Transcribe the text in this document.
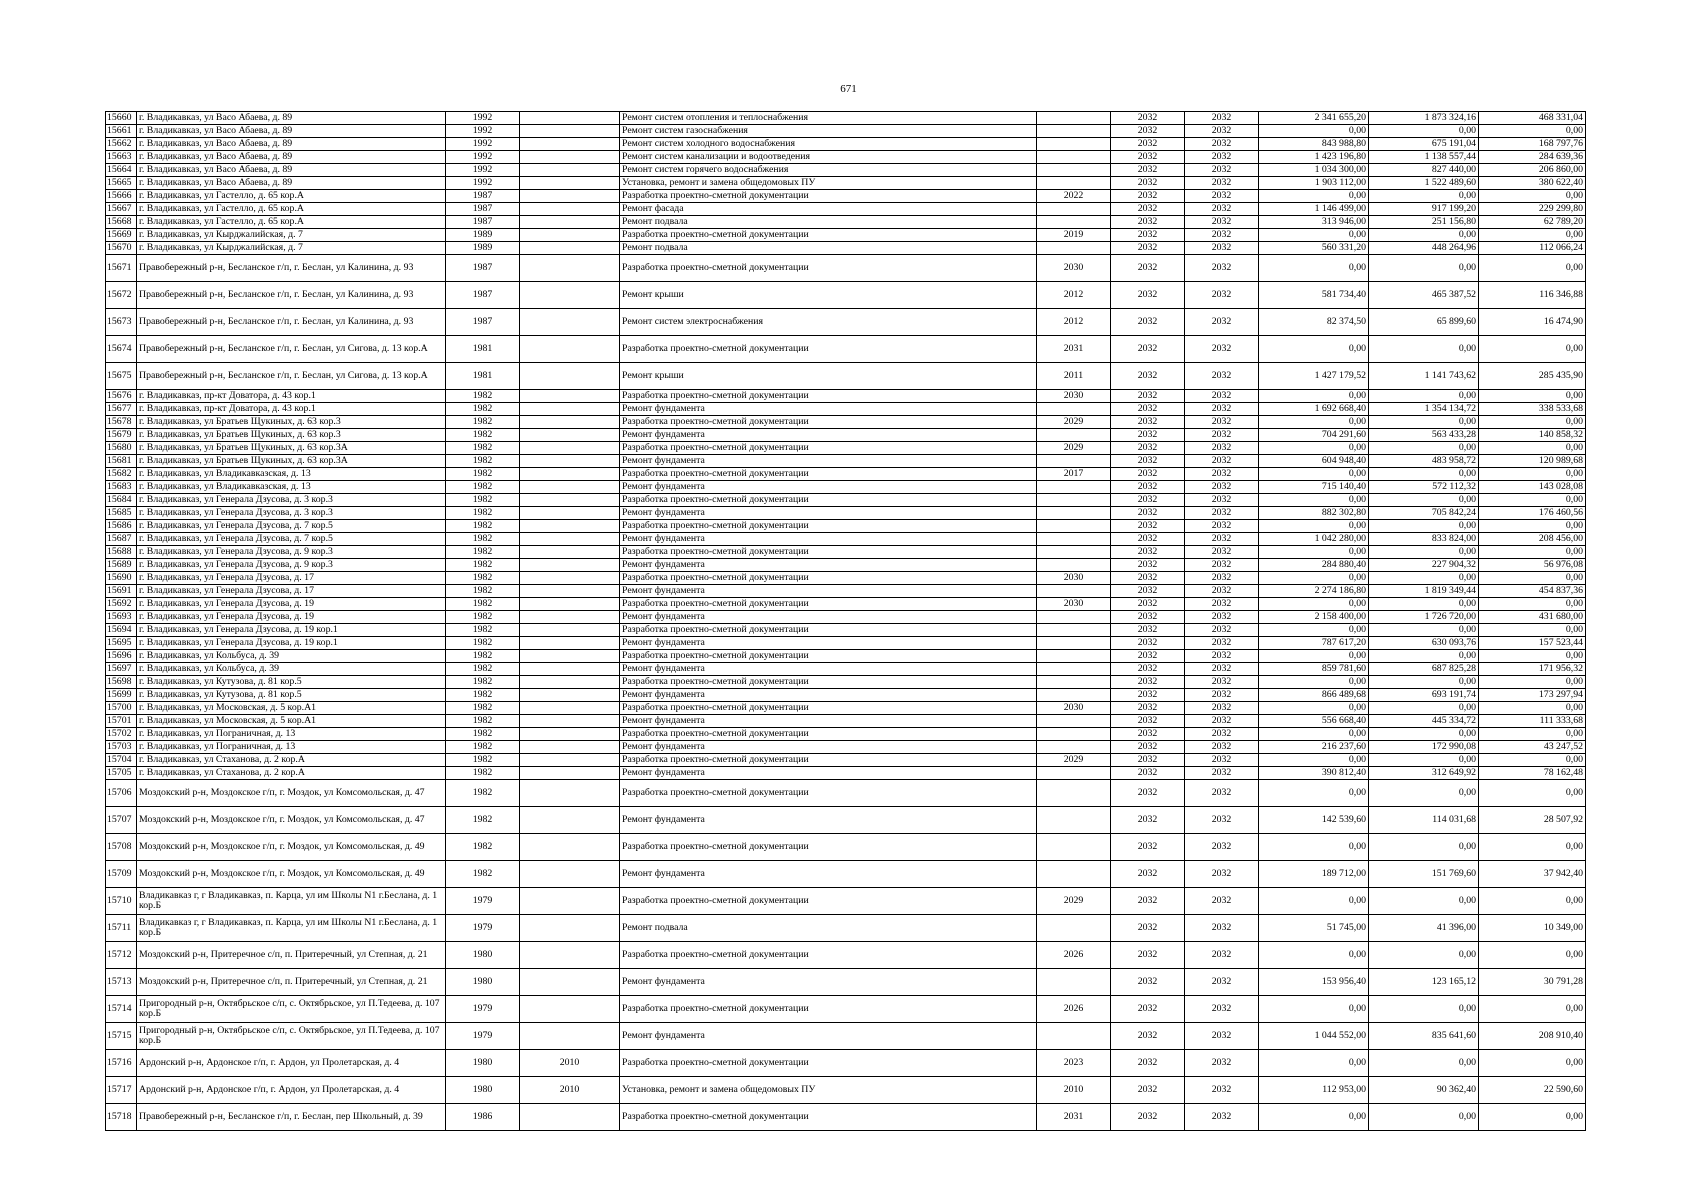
671
15660	г. Владикавказ, ул Васо Абаева, д. 89	1992		Ремонт систем отопления и теплоснабжения		2032	2032	2 341 655,20	1 873 324,16	468 331,04
15661	г. Владикавказ, ул Васо Абаева, д. 89	1992		Ремонт систем газоснабжения		2032	2032	0,00	0,00	0,00
15662	г. Владикавказ, ул Васо Абаева, д. 89	1992		Ремонт систем холодного водоснабжения		2032	2032	843 988,80	675 191,04	168 797,76
15663	г. Владикавказ, ул Васо Абаева, д. 89	1992		Ремонт систем канализации и водоотведения		2032	2032	1 423 196,80	1 138 557,44	284 639,36
15664	г. Владикавказ, ул Васо Абаева, д. 89	1992		Ремонт систем горячего водоснабжения		2032	2032	1 034 300,00	827 440,00	206 860,00
15665	г. Владикавказ, ул Васо Абаева, д. 89	1992		Установка, ремонт и замена общедомовых ПУ		2032	2032	1 903 112,00	1 522 489,60	380 622,40
15666	г. Владикавказ, ул Гастелло, д. 65 кор.А	1987		Разработка проектно-сметной документации	2022	2032	2032	0,00	0,00	0,00
15667	г. Владикавказ, ул Гастелло, д. 65 кор.А	1987		Ремонт фасада		2032	2032	1 146 499,00	917 199,20	229 299,80
15668	г. Владикавказ, ул Гастелло, д. 65 кор.А	1987		Ремонт подвала		2032	2032	313 946,00	251 156,80	62 789,20
15669	г. Владикавказ, ул Кырджалийская, д. 7	1989		Разработка проектно-сметной документации	2019	2032	2032	0,00	0,00	0,00
15670	г. Владикавказ, ул Кырджалийская, д. 7	1989		Ремонт подвала		2032	2032	560 331,20	448 264,96	112 066,24
15671	Правобережный р-н, Бесланское г/п, г. Беслан, ул Калинина, д. 93	1987		Разработка проектно-сметной документации	2030	2032	2032	0,00	0,00	0,00
15672	Правобережный р-н, Бесланское г/п, г. Беслан, ул Калинина, д. 93	1987		Ремонт крыши	2012	2032	2032	581 734,40	465 387,52	116 346,88
15673	Правобережный р-н, Бесланское г/п, г. Беслан, ул Калинина, д. 93	1987		Ремонт систем электроснабжения	2012	2032	2032	82 374,50	65 899,60	16 474,90
15674	Правобережный р-н, Бесланское г/п, г. Беслан, ул Сигова, д. 13 кор.А	1981		Разработка проектно-сметной документации	2031	2032	2032	0,00	0,00	0,00
15675	Правобережный р-н, Бесланское г/п, г. Беслан, ул Сигова, д. 13 кор.А	1981		Ремонт крыши	2011	2032	2032	1 427 179,52	1 141 743,62	285 435,90
15676	г. Владикавказ, пр-кт Доватора, д. 43 кор.1	1982		Разработка проектно-сметной документации	2030	2032	2032	0,00	0,00	0,00
15677	г. Владикавказ, пр-кт Доватора, д. 43 кор.1	1982		Ремонт фундамента		2032	2032	1 692 668,40	1 354 134,72	338 533,68
15678	г. Владикавказ, ул Братьев Щукиных, д. 63 кор.3	1982		Разработка проектно-сметной документации	2029	2032	2032	0,00	0,00	0,00
15679	г. Владикавказ, ул Братьев Щукиных, д. 63 кор.3	1982		Ремонт фундамента		2032	2032	704 291,60	563 433,28	140 858,32
15680	г. Владикавказ, ул Братьев Щукиных, д. 63 кор.3А	1982		Разработка проектно-сметной документации	2029	2032	2032	0,00	0,00	0,00
15681	г. Владикавказ, ул Братьев Щукиных, д. 63 кор.3А	1982		Ремонт фундамента		2032	2032	604 948,40	483 958,72	120 989,68
15682	г. Владикавказ, ул Владикавказская, д. 13	1982		Разработка проектно-сметной документации	2017	2032	2032	0,00	0,00	0,00
15683	г. Владикавказ, ул Владикавказская, д. 13	1982		Ремонт фундамента		2032	2032	715 140,40	572 112,32	143 028,08
15684	г. Владикавказ, ул Генерала Дзусова, д. 3 кор.3	1982		Разработка проектно-сметной документации		2032	2032	0,00	0,00	0,00
15685	г. Владикавказ, ул Генерала Дзусова, д. 3 кор.3	1982		Ремонт фундамента		2032	2032	882 302,80	705 842,24	176 460,56
15686	г. Владикавказ, ул Генерала Дзусова, д. 7 кор.5	1982		Разработка проектно-сметной документации		2032	2032	0,00	0,00	0,00
15687	г. Владикавказ, ул Генерала Дзусова, д. 7 кор.5	1982		Ремонт фундамента		2032	2032	1 042 280,00	833 824,00	208 456,00
15688	г. Владикавказ, ул Генерала Дзусова, д. 9 кор.3	1982		Разработка проектно-сметной документации		2032	2032	0,00	0,00	0,00
15689	г. Владикавказ, ул Генерала Дзусова, д. 9 кор.3	1982		Ремонт фундамента		2032	2032	284 880,40	227 904,32	56 976,08
15690	г. Владикавказ, ул Генерала Дзусова, д. 17	1982		Разработка проектно-сметной документации	2030	2032	2032	0,00	0,00	0,00
15691	г. Владикавказ, ул Генерала Дзусова, д. 17	1982		Ремонт фундамента		2032	2032	2 274 186,80	1 819 349,44	454 837,36
15692	г. Владикавказ, ул Генерала Дзусова, д. 19	1982		Разработка проектно-сметной документации	2030	2032	2032	0,00	0,00	0,00
15693	г. Владикавказ, ул Генерала Дзусова, д. 19	1982		Ремонт фундамента		2032	2032	2 158 400,00	1 726 720,00	431 680,00
15694	г. Владикавказ, ул Генерала Дзусова, д. 19 кор.1	1982		Разработка проектно-сметной документации		2032	2032	0,00	0,00	0,00
15695	г. Владикавказ, ул Генерала Дзусова, д. 19 кор.1	1982		Ремонт фундамента		2032	2032	787 617,20	630 093,76	157 523,44
15696	г. Владикавказ, ул Кольбуса, д. 39	1982		Разработка проектно-сметной документации		2032	2032	0,00	0,00	0,00
15697	г. Владикавказ, ул Кольбуса, д. 39	1982		Ремонт фундамента		2032	2032	859 781,60	687 825,28	171 956,32
15698	г. Владикавказ, ул Кутузова, д. 81 кор.5	1982		Разработка проектно-сметной документации		2032	2032	0,00	0,00	0,00
15699	г. Владикавказ, ул Кутузова, д. 81 кор.5	1982		Ремонт фундамента		2032	2032	866 489,68	693 191,74	173 297,94
15700	г. Владикавказ, ул Московская, д. 5 кор.А1	1982		Разработка проектно-сметной документации	2030	2032	2032	0,00	0,00	0,00
15701	г. Владикавказ, ул Московская, д. 5 кор.А1	1982		Ремонт фундамента		2032	2032	556 668,40	445 334,72	111 333,68
15702	г. Владикавказ, ул Пограничная, д. 13	1982		Разработка проектно-сметной документации		2032	2032	0,00	0,00	0,00
15703	г. Владикавказ, ул Пограничная, д. 13	1982		Ремонт фундамента		2032	2032	216 237,60	172 990,08	43 247,52
15704	г. Владикавказ, ул Стаханова, д. 2 кор.А	1982		Разработка проектно-сметной документации	2029	2032	2032	0,00	0,00	0,00
15705	г. Владикавказ, ул Стаханова, д. 2 кор.А	1982		Ремонт фундамента		2032	2032	390 812,40	312 649,92	78 162,48
15706	Моздокский р-н, Моздокское г/п, г. Моздок, ул Комсомольская, д. 47	1982		Разработка проектно-сметной документации		2032	2032	0,00	0,00	0,00
15707	Моздокский р-н, Моздокское г/п, г. Моздок, ул Комсомольская, д. 47	1982		Ремонт фундамента		2032	2032	142 539,60	114 031,68	28 507,92
15708	Моздокский р-н, Моздокское г/п, г. Моздок, ул Комсомольская, д. 49	1982		Разработка проектно-сметной документации		2032	2032	0,00	0,00	0,00
15709	Моздокский р-н, Моздокское г/п, г. Моздок, ул Комсомольская, д. 49	1982		Ремонт фундамента		2032	2032	189 712,00	151 769,60	37 942,40
15710	Владикавказ г, г Владикавказ, п. Карца, ул им Школы N1 г.Беслана, д. 1 кор.Б	1979		Разработка проектно-сметной документации	2029	2032	2032	0,00	0,00	0,00
15711	Владикавказ г, г Владикавказ, п. Карца, ул им Школы N1 г.Беслана, д. 1 кор.Б	1979		Ремонт подвала		2032	2032	51 745,00	41 396,00	10 349,00
15712	Моздокский р-н, Притеречное с/п, п. Притеречный, ул Степная, д. 21	1980		Разработка проектно-сметной документации	2026	2032	2032	0,00	0,00	0,00
15713	Моздокский р-н, Притеречное с/п, п. Притеречный, ул Степная, д. 21	1980		Ремонт фундамента		2032	2032	153 956,40	123 165,12	30 791,28
15714	Пригородный р-н, Октябрьское с/п, с. Октябрьское, ул П.Тедеева, д. 107 кор.Б	1979		Разработка проектно-сметной документации	2026	2032	2032	0,00	0,00	0,00
15715	Пригородный р-н, Октябрьское с/п, с. Октябрьское, ул П.Тедеева, д. 107 кор.Б	1979		Ремонт фундамента		2032	2032	1 044 552,00	835 641,60	208 910,40
15716	Ардонский р-н, Ардонское г/п, г. Ардон, ул Пролетарская, д. 4	1980	2010	Разработка проектно-сметной документации	2023	2032	2032	0,00	0,00	0,00
15717	Ардонский р-н, Ардонское г/п, г. Ардон, ул Пролетарская, д. 4	1980	2010	Установка, ремонт и замена общедомовых ПУ	2010	2032	2032	112 953,00	90 362,40	22 590,60
15718	Правобережный р-н, Бесланское г/п, г. Беслан, пер Школьный, д. 39	1986		Разработка проектно-сметной документации	2031	2032	2032	0,00	0,00	0,00
